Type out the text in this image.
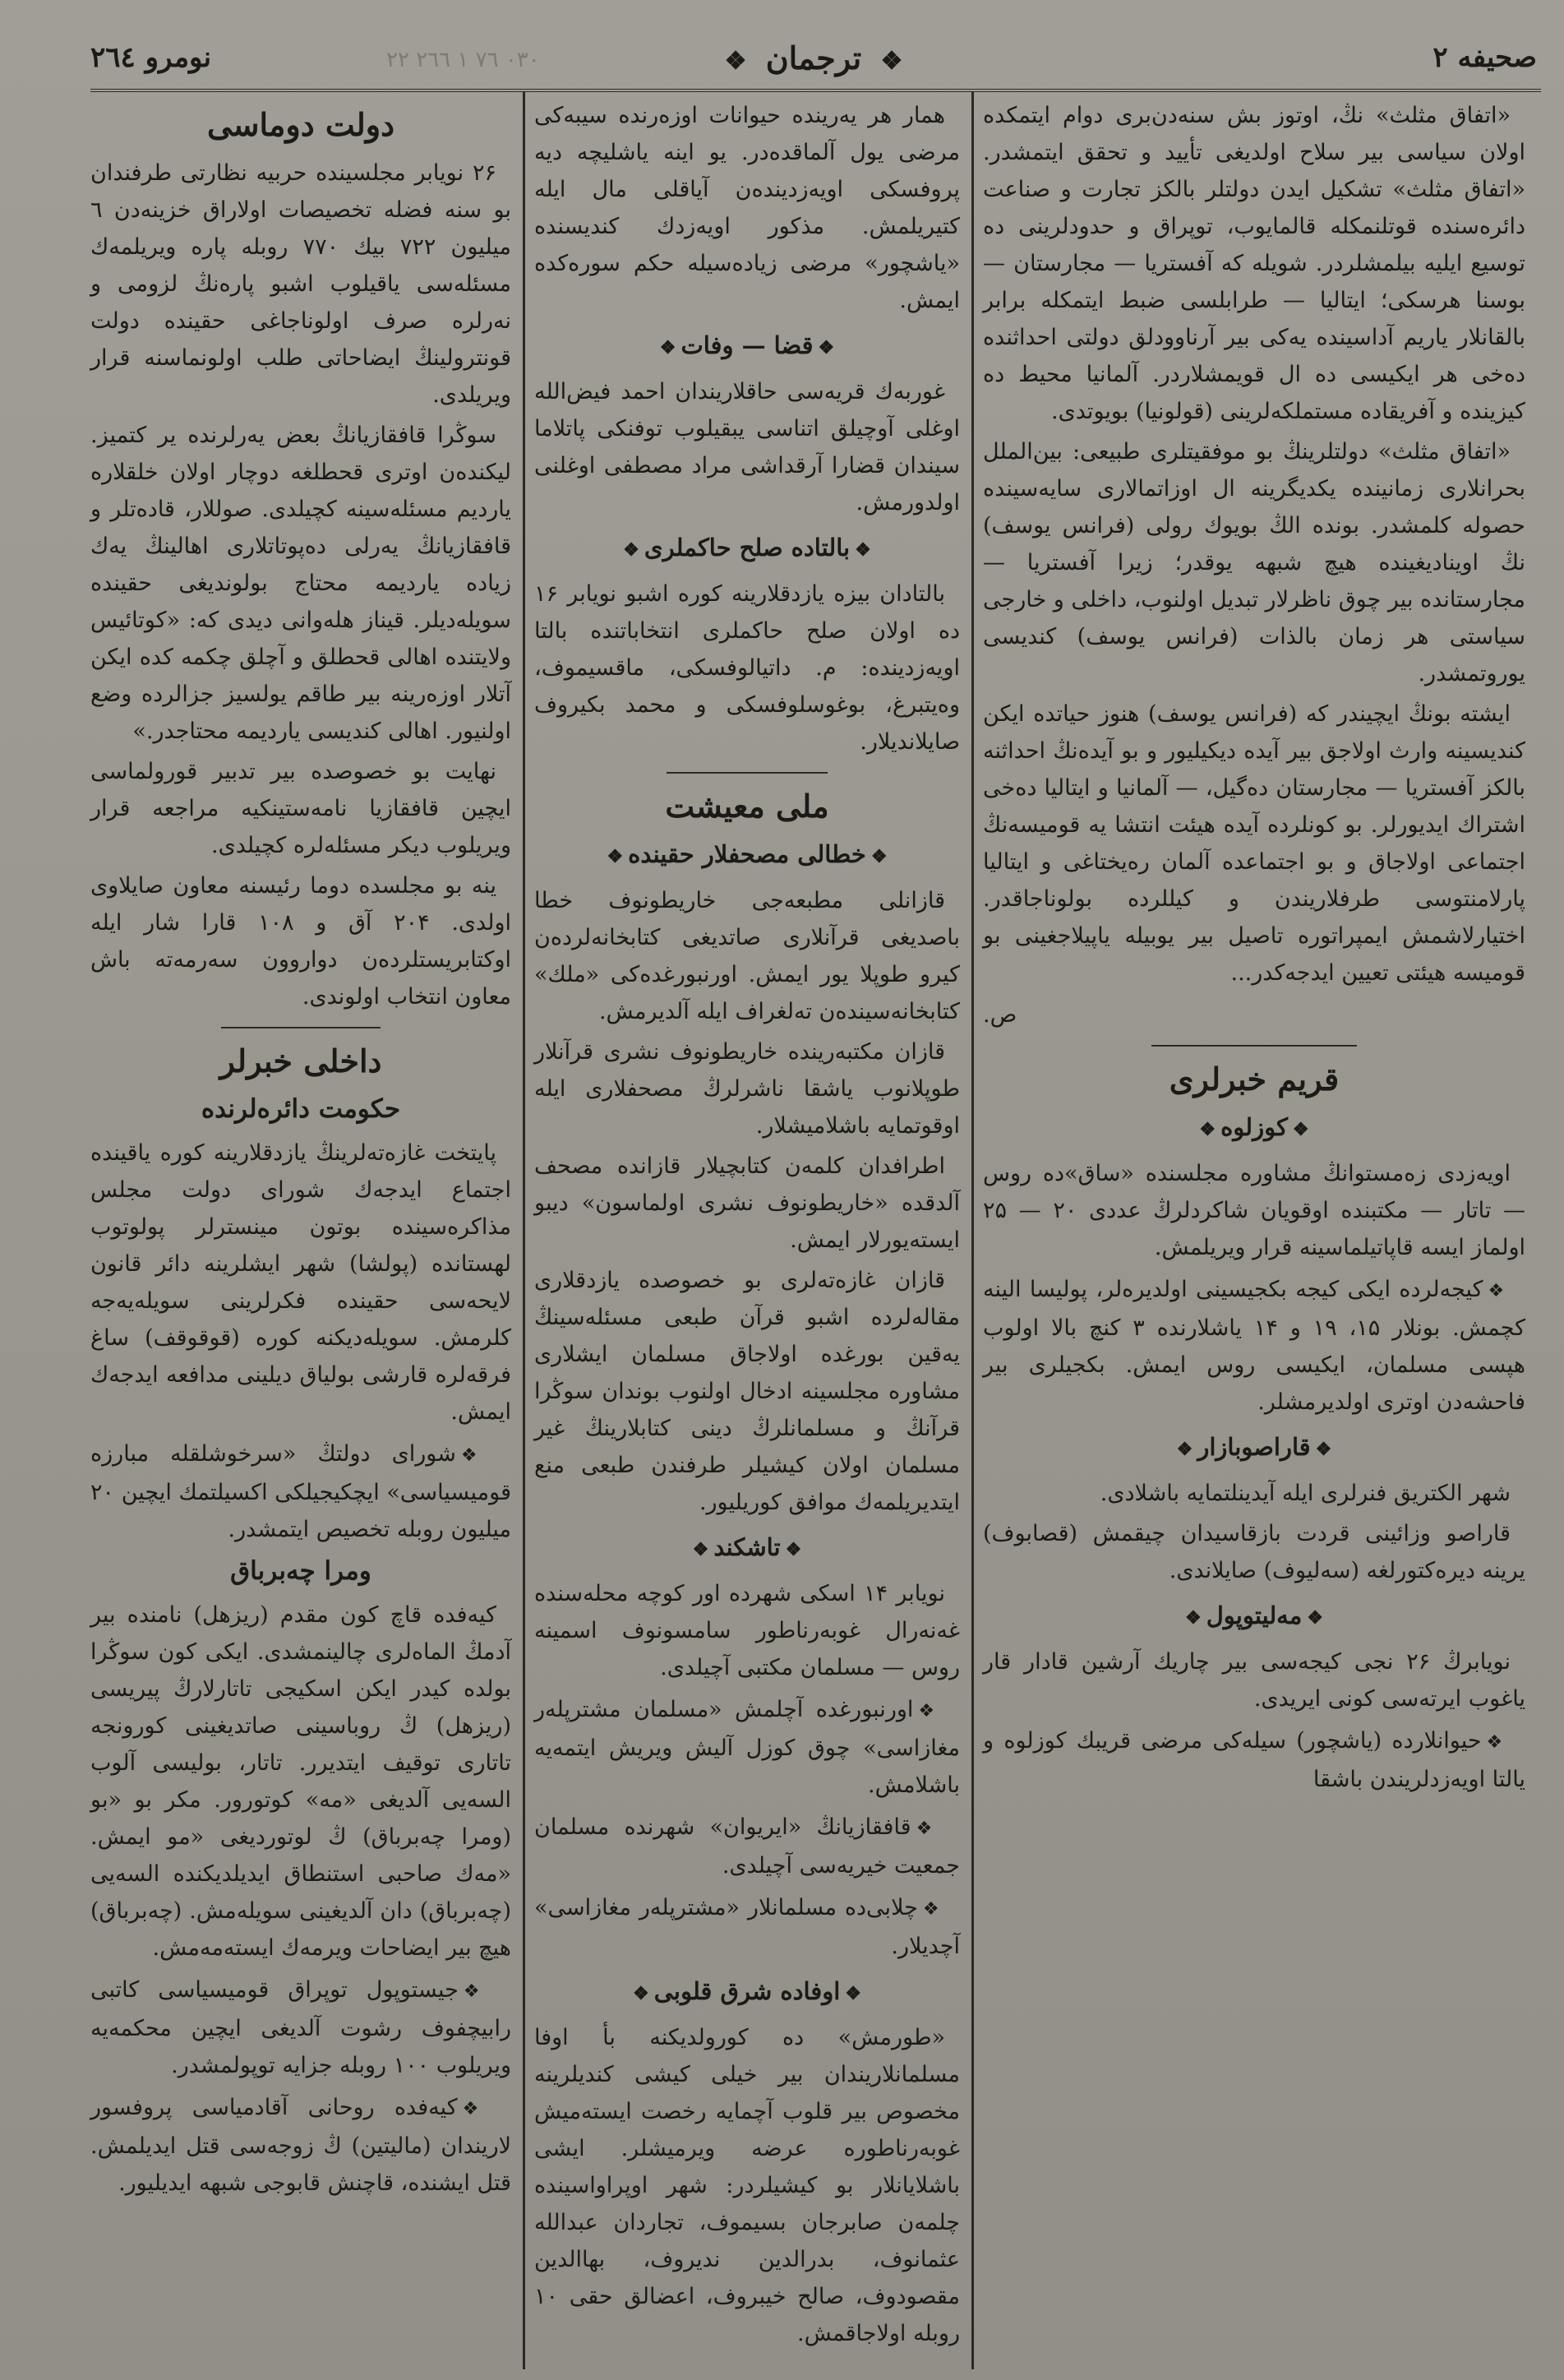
صحيفه ٢
❖ ترجمان ❖
٠٣٠ ٧٦ ١ ٢٦٦ ٢٢
نومرو ٢٦٤

«اتفاق مثلث» نڭ، اوتوز بش سنه‌دن‌بری دوام ایتمکده اولان سیاسی بیر سلاح اولدیغی تأیید و تحقق ایتمشدر. «اتفاق مثلث» تشکیل ایدن دولتلر بالکز تجارت و صناعت دائره‌سنده قوتلنمکله قالمایوب، توپراق و حدودلرینی ده توسیع ایلیه بیلمشلردر. شویله که آفستریا — مجارستان — بوسنا هرسکی؛ ایتالیا — طرابلسی ضبط ایتمکله برابر بالقانلار یاریم آداسینده یه‌کی بیر آرناوودلق دولتی احداثنده ده‌خی هر ایکیسی ده ال قویمشلاردر. آلمانیا محیط ده کیزینده و آفریقاده مستملکه‌لرینی (قولونیا) بویوتدی.

«اتفاق مثلث» دولتلرینڭ بو موفقیتلری طبیعی: بین‌الملل بحرانلاری زمانینده یکدیگرینه ال اوزاتمالاری سایه‌سینده حصوله کلمشدر. بونده الڭ بویوك رولی (فرانس یوسف) نڭ اوینادیغینده هیچ شبهه یوقدر؛ زیرا آفستریا — مجارستانده بیر چوق ناظرلار تبدیل اولنوب، داخلی و خارجی سیاستی هر زمان بالذات (فرانس یوسف) کندیسی یوروتمشدر.

ایشته بونڭ ایچیندر که (فرانس یوسف) هنوز حیاتده ایکن کندیسینه وارث اولاجق بیر آیده دیکیلیور و بو آیده‌نڭ احداثنه بالکز آفستریا — مجارستان ده‌گیل، — آلمانیا و ایتالیا ده‌خی اشتراك ایدیورلر. بو کونلرده آیده هیئت انتشا یه قومیسه‌نڭ اجتماعی اولاجاق و بو اجتماعده آلمان ره‌یختاغی و ایتالیا پارلامنتوسی طرفلاریندن و کیللرده بولوناجاقدر. اختیارلاشمش ایمپراتوره تاصیل بیر یوبیله یاپیلاجغینی بو قومیسه هیئتی تعیین ایدجه‌کدر...

ص.
قریم خبرلری
❖کوزلوه❖

اویه‌زدی زه‌مستوانڭ مشاوره مجلسنده «ساق»ده روس — تاتار — مکتبنده اوقویان شاکردلرڭ عددی ۲۰ — ۲۵ اولماز ایسه قاپاتیلماسینه قرار ویریلمش.

❖کیجه‌لرده ایکی کیجه بکجیسینی اولدیره‌لر، پولیسا الینه کچمش. بونلار ۱۵، ۱۹ و ۱۴ یاشلارنده ۳ کنچ بالا اولوب هپسی مسلمان، ایکیسی روس ایمش. بکجیلری بیر فاحشه‌دن اوتری اولدیرمشلر.

❖قاراصوبازار❖

شهر الکتریق فنرلری ایله آیدینلتمایه باشلادی.

قاراصو وزائینی قردت بازقاسیدان چیقمش (قصابوف) یرینه دیره‌کتورلغه (سه‌لیوف) صایلاندی.

❖مه‌لیتوپول❖

نویابرڭ ۲۶ نجی کیجه‌سی بیر چاریك آرشین قادار قار یاغوب ایرته‌سی کونی ایریدی.

❖حیوانلارده (یاشچور) سیله‌کی مرضی قریبك کوزلوه و یالتا اویه‌زدلریندن باشقا

همار هر یه‌رینده حیوانات اوزه‌رنده سیبه‌کی مرضی یول آلماقده‌در. یو اینه یاشلیچه دیه پروفسکی اویه‌زدینده‌ن آیاقلی مال ایله کتیریلمش. مذکور اویه‌زدك کندیسنده «یاشچور» مرضی زیاده‌سیله حکم سوره‌کده ایمش.

❖قضا — وفات❖

غوربه‌ك قریه‌سی حاقلاریندان احمد فیض‌الله اوغلی آوچیلق اتناسی یبقیلوب توفنکی پاتلاما سیندان قضارا آرقداشی مراد مصطفی اوغلنی اولدورمش.

❖بالتاده صلح حاکملری❖

بالتادان بیزه یازدقلارینه کوره اشبو نویابر ۱۶ ده اولان صلح حاکملری انتخاباتنده بالتا اویه‌زدینده: م. داتیالوفسکی، ماقسیموف، وه‌یتبرغ، بوغوسلوفسکی و محمد بکیروف صایلاندیلار.

ملی معیشت
❖خطالی مصحفلار حقینده❖

قازانلی مطبعه‌جی خاریطونوف خطا باصدیغی قرآنلاری صاتدیغی کتابخانه‌لرده‌ن کیرو طوپلا یور ایمش. اورنبورغده‌کی «ملك» کتابخانه‌سینده‌ن ته‌لغراف ایله آلدیرمش.

قازان مکتبه‌رینده خاریطونوف نشری قرآنلار طوپلانوب یاشقا ناشرلرڭ مصحفلاری ایله اوقوتمایه باشلامیشلار.

اطرافدان کلمه‌ن کتابچیلار قازانده مصحف آلدقده «خاریطونوف نشری اولماسون» دیبو ایسته‌یورلار ایمش.

قازان غازه‌ته‌لری بو خصوصده یازدقلاری مقاله‌لرده اشبو قرآن طبعی مسئله‌سینڭ یه‌قین بورغده اولاجاق مسلمان ایشلاری مشاوره مجلسینه ادخال اولنوب بوندان سوڭرا قرآنڭ و مسلمانلرڭ دینی کتابلارینڭ غیر مسلمان اولان کیشیلر طرفندن طبعی منع ایتدیریلمه‌ك موافق کوریلیور.

❖تاشکند❖

نویابر ۱۴ اسکی شهرده اور کوچه محله‌سنده غه‌نه‌رال غوبه‌رناطور سامسونوف اسمینه روس — مسلمان مکتبی آچیلدی.

❖اورنبورغده آچلمش «مسلمان مشترپله‌ر مغازاسی» چوق کوزل آلیش ویریش ایتمه‌یه باشلامش.

❖قافقازیانڭ «ایریوان» شهرنده مسلمان جمعیت خیریه‌سی آچیلدی.

❖چلابی‌ده مسلمانلار «مشترپله‌ر مغازاسی» آچدیلار.

❖اوفاده شرق قلوبی❖

«طورمش» ده کورولدیکنه بأ اوفا مسلمانلاریندان بیر خیلی کیشی کندیلرینه مخصوص بیر قلوب آچمایه رخصت ایسته‌میش غوبه‌رناطوره عرضه ویرمیشلر. ایشی باشلایانلار بو کیشیلردر: شهر اوپراواسینده چلمه‌ن صابرجان بسیموف، تجاردان عبدالله عثمانوف، بدرالدین ندیروف، بهاالدین مقصودوف، صالح خیبروف، اعضالق حقی ۱۰ روبله اولاجاقمش.

دولت دوماسی

۲۶ نویابر مجلسینده حربیه نظارتی طرفندان بو سنه فضله تخصیصات اولاراق خزینه‌دن ٦ میلیون ۷۲۲ بیك ۷۷۰ روبله پاره ویریلمه‌ك مسئله‌سی یاقیلوب اشبو پاره‌نڭ لزومی و نه‌رلره صرف اولوناجاغی حقینده دولت قونترولینڭ ایضاحاتی طلب اولونماسنه قرار ویریلدی.

سوڭرا قافقازیانڭ بعض یه‌رلرنده یر کتمیز. لیکنده‌ن اوتری قحطلغه دوچار اولان خلقلاره یاردیم مسئله‌سینه کچیلدی. صوللار، قاده‌تلر و قافقازیانڭ یه‌رلی ده‌پوتاتلاری اهالینڭ یه‌ك زیاده یاردیمه محتاج بولوندیغی حقینده سویله‌دیلر. قیناز هله‌وانی دیدی که: «کوتائیس ولایتنده اهالی قحطلق و آچلق چکمه کده ایکن آتلار اوزه‌رینه بیر طاقم یولسیز جزالرده وضع اولنیور. اهالی کندیسی یاردیمه محتاجدر.»

نهایت بو خصوصده بیر تدبیر قورولماسی ایچین قافقازیا نامه‌ستینکیه مراجعه قرار ویریلوب دیکر مسئله‌لره کچیلدی.

ینه بو مجلسده دوما رئیسنه معاون صایلاوی اولدی. ۲۰۴ آق و ۱۰۸ قارا شار ایله اوکتابریستلرده‌ن دواروون سه‌رمه‌ته باش معاون انتخاب اولوندی.

داخلی خبرلر
حکومت دائره‌لرنده

پایتخت غازه‌ته‌لرینڭ یازدقلارینه کوره یاقینده اجتماع ایدجه‌ك شورای دولت مجلس مذاکره‌سینده بوتون مینسترلر پولوتوب لهستانده (پولشا) شهر ایشلرینه دائر قانون لایحه‌سی حقینده فکرلرینی سویله‌یه‌جه کلرمش. سویله‌دیکنه کوره (قوقوقف) ساغ فرقه‌لره قارشی بولیاق دیلینی مدافعه ایدجه‌ك ایمش.

❖شورای دولتڭ «سرخوشلقله مبارزه قومیسیاسی» ایچکیجیلکی اکسیلتمك ایچین ۲۰ میلیون روبله تخصیص ایتمشدر.

ومرا چه‌برباق

کیه‌فده قاچ کون مقدم (ریزهل) نامنده بیر آدمڭ الماه‌لری چالینمشدی. ایکی کون سوڭرا بولده کیدر ایکن اسکیجی تاتارلارڭ پیریسی (ریزهل) ڭ روباسینی صاتدیغینی کورونجه تاتاری توقیف ایتدیرر. تاتار، بولیسی آلوب السه‌یی آلدیغی «مه» کوتورور. مکر بو «بو (ومرا چه‌برباق) ڭ لوتوردیغی «مو ایمش. «مه‌ك صاحبی استنطاق ایدیلدیکنده السه‌یی (چه‌برباق) دان آلدیغینی سویله‌مش. (چه‌برباق) هیچ بیر ایضاحات ویرمه‌ك ایسته‌مه‌مش.

❖جیستوپول توپراق قومیسیاسی کاتبی رابیچفوف رشوت آلدیغی ایچین محکمه‌یه ویریلوب ۱۰۰ روبله جزایه توپولمشدر.

❖کیه‌فده روحانی آقادمیاسی پروفسور لاریندان (مالیتین) ڭ زوجه‌سی قتل ایدیلمش. قتل ایشنده، قاچنش قابوجی شبهه ایدیلیور.
